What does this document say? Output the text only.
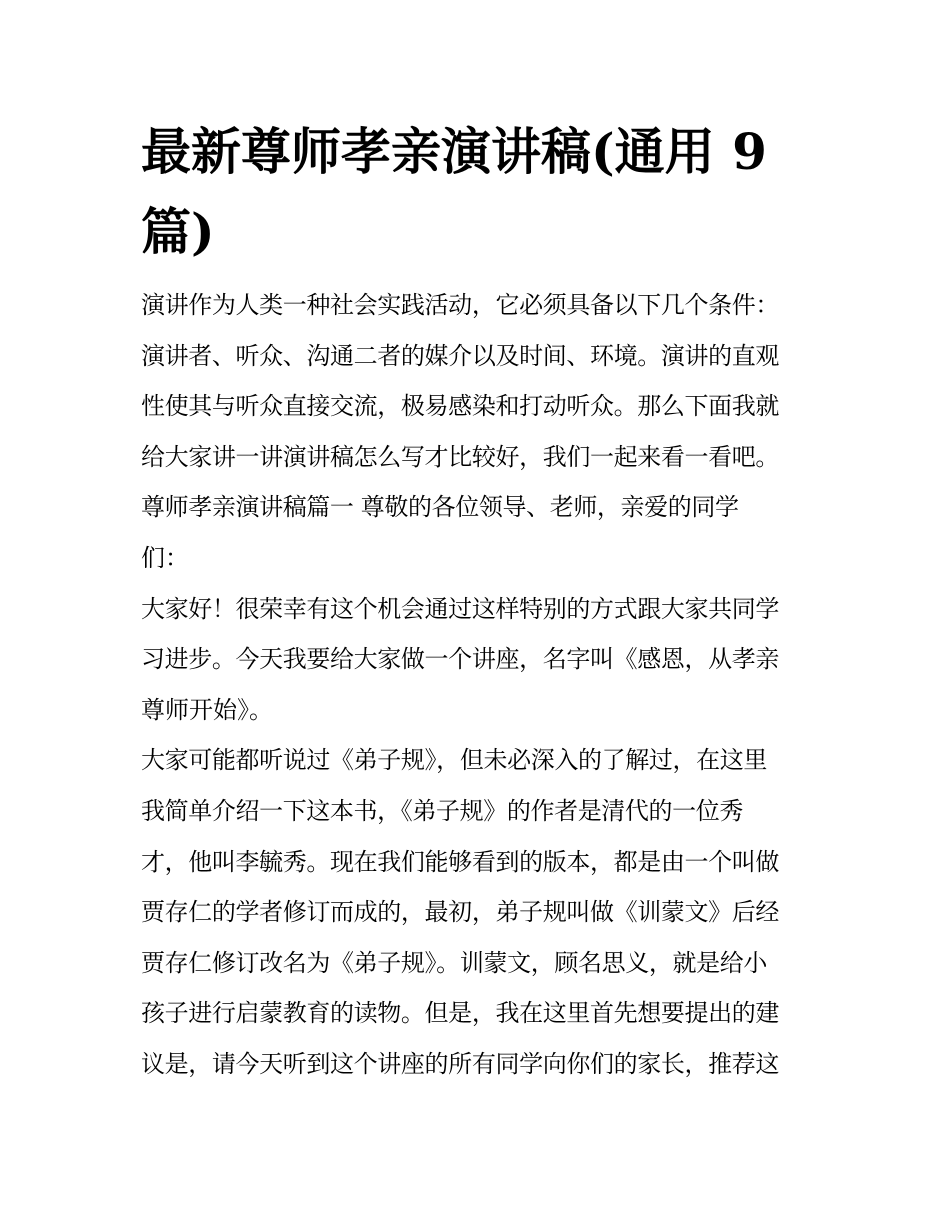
最新尊师孝亲演讲稿(通用 9
篇)
演讲作为人类一种社会实践活动，它必须具备以下几个条件：
演讲者、听众、沟通二者的媒介以及时间、环境。演讲的直观
性使其与听众直接交流，极易感染和打动听众。那么下面我就
给大家讲一讲演讲稿怎么写才比较好，我们一起来看一看吧。
尊师孝亲演讲稿篇一 尊敬的各位领导、老师，亲爱的同学
们：
大家好！很荣幸有这个机会通过这样特别的方式跟大家共同学
习进步。今天我要给大家做一个讲座，名字叫《感恩，从孝亲
尊师开始》。
大家可能都听说过《弟子规》，但未必深入的了解过，在这里
我简单介绍一下这本书，《弟子规》的作者是清代的一位秀
才，他叫李毓秀。现在我们能够看到的版本，都是由一个叫做
贾存仁的学者修订而成的，最初，弟子规叫做《训蒙文》后经
贾存仁修订改名为《弟子规》。训蒙文，顾名思义，就是给小
孩子进行启蒙教育的读物。但是，我在这里首先想要提出的建
议是，请今天听到这个讲座的所有同学向你们的家长，推荐这
